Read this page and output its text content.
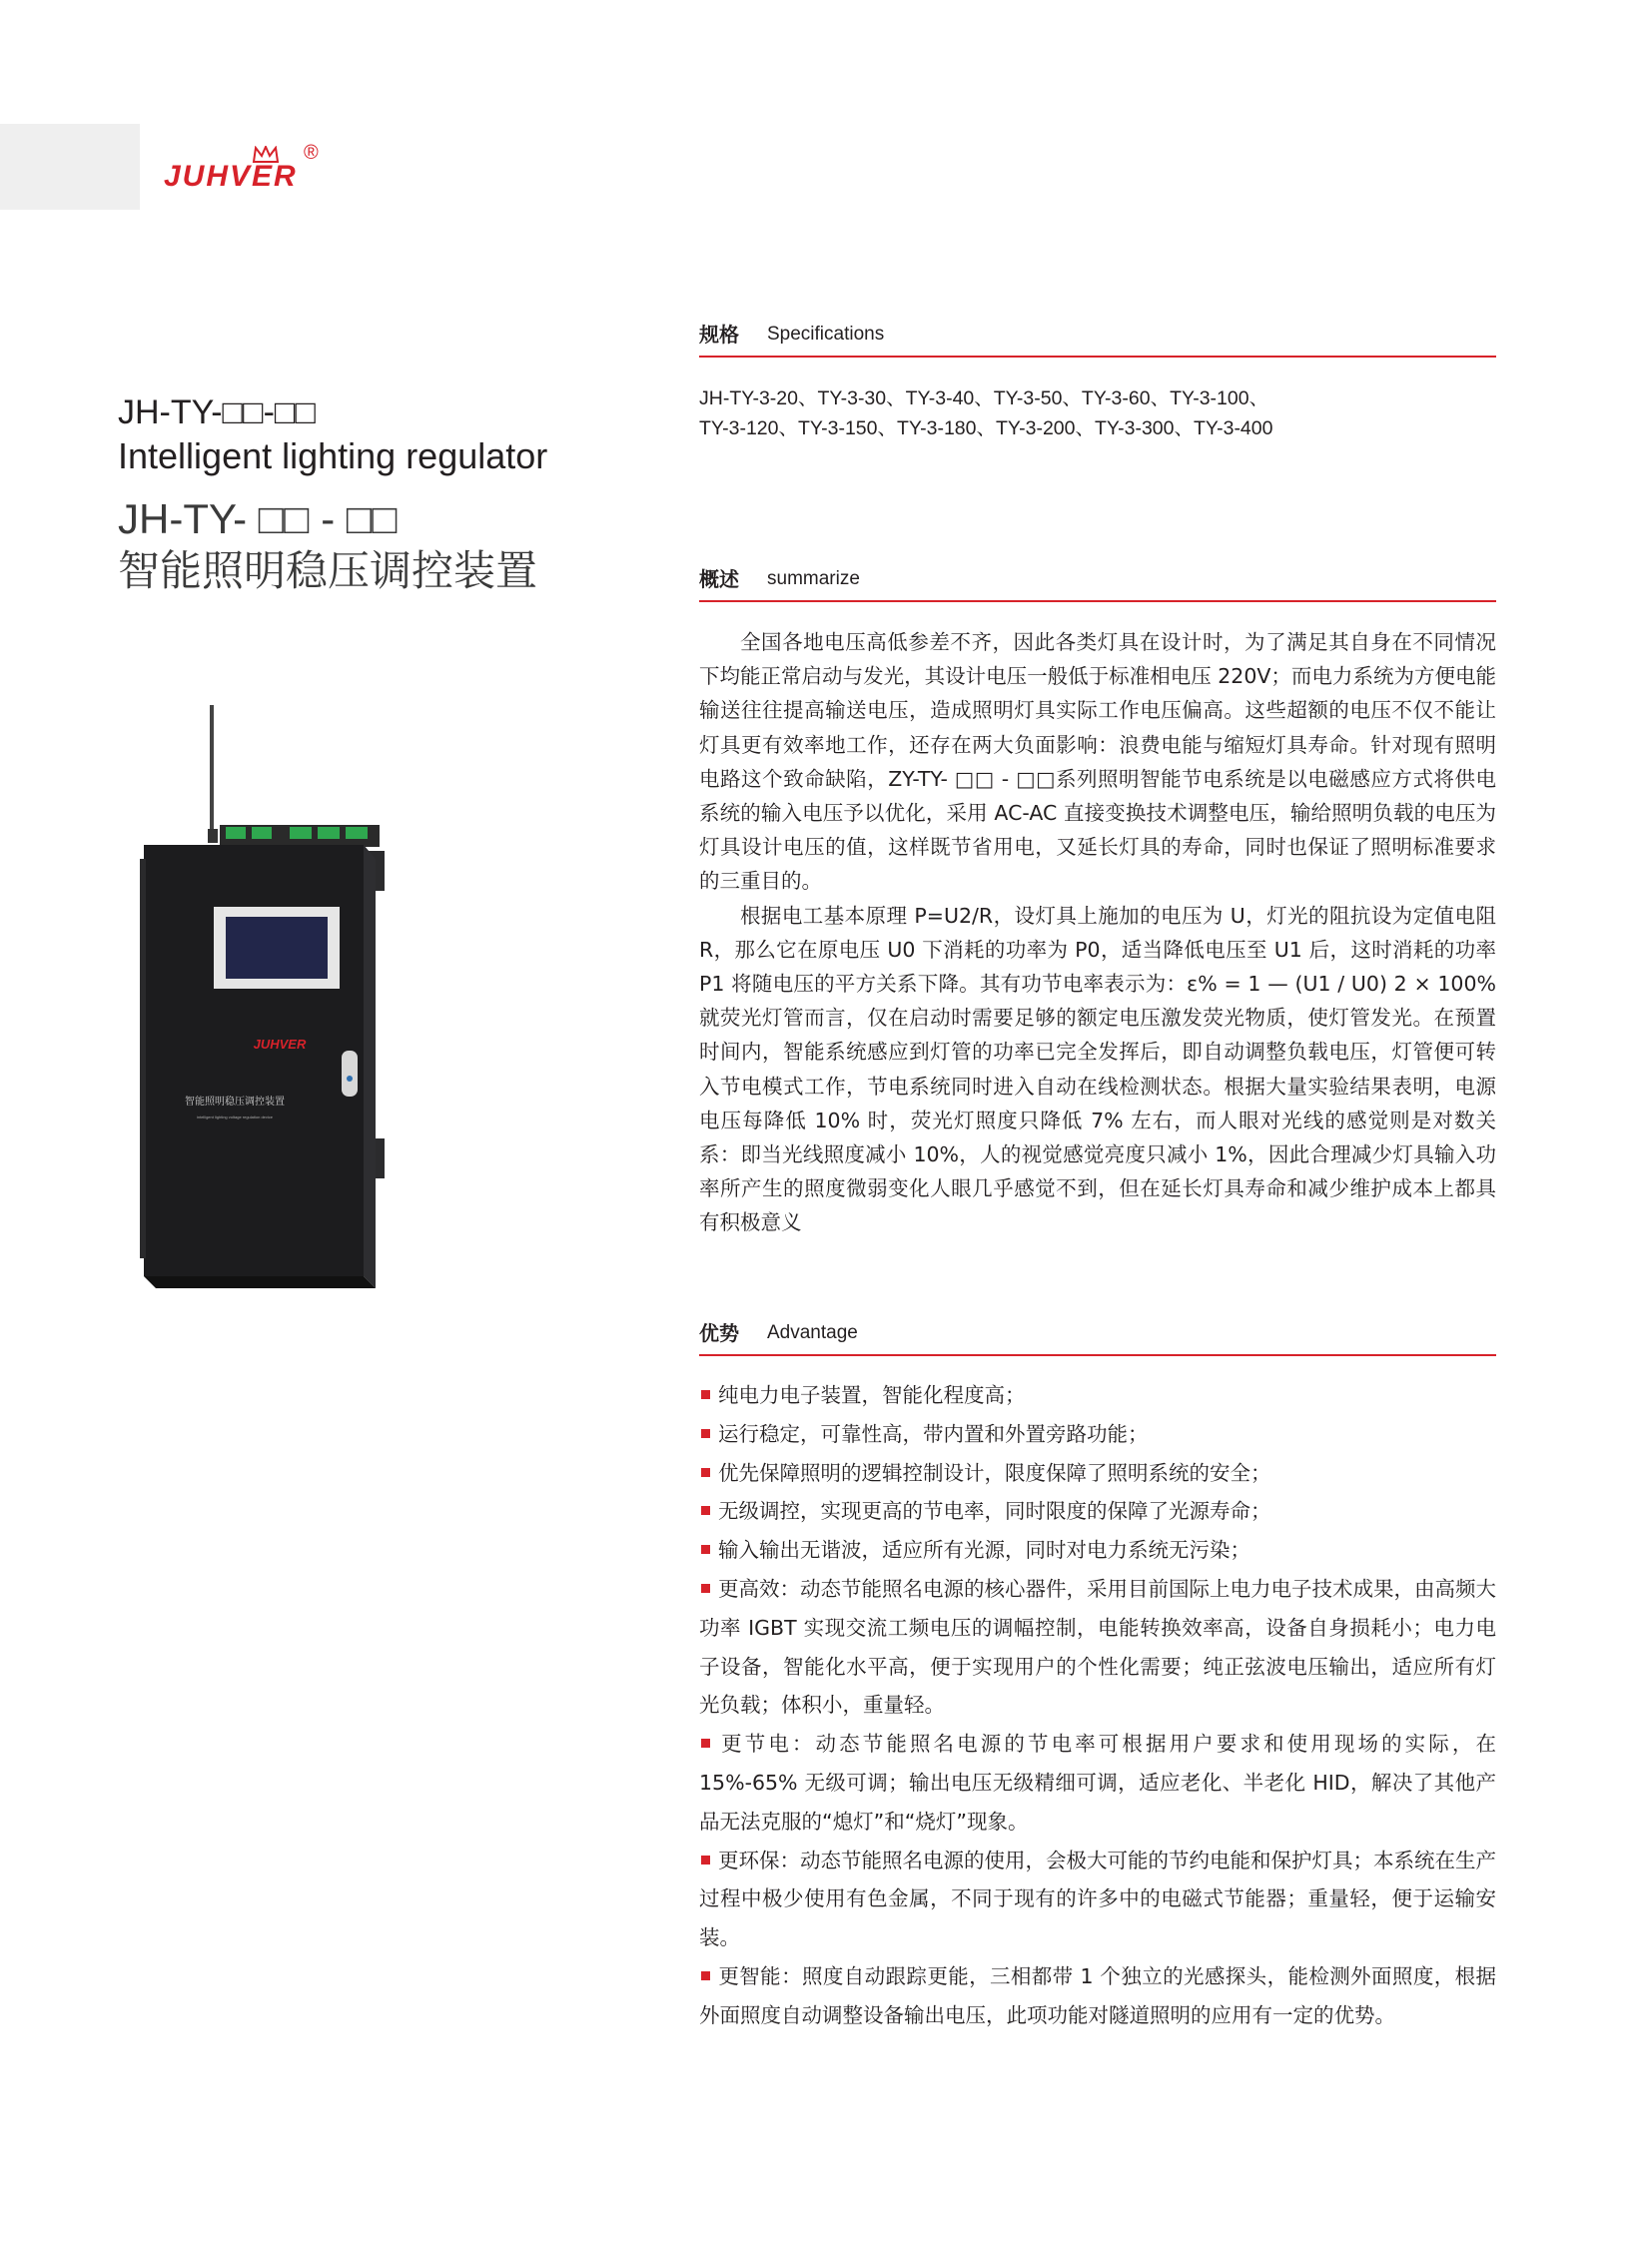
JUHVER
®
JH-TY-□□-□□
Intelligent lighting regulator
JH-TY- □□ - □□
智能照明稳压调控装置
JUHVER
智能照明稳压调控装置
intelligent lighting voltage regulation device
规格 Specifications
JH-TY-3-20、TY-3-30、TY-3-40、TY-3-50、TY-3-60、TY-3-100、
TY-3-120、TY-3-150、TY-3-180、TY-3-200、TY-3-300、TY-3-400
概述 summarize

全国各地电压高低参差不齐，因此各类灯具在设计时，为了满足其自身在不同情况下均能正常启动与发光，其设计电压一般低于标准相电压 220V；而电力系统为方便电能输送往往提高输送电压，造成照明灯具实际工作电压偏高。这些超额的电压不仅不能让灯具更有效率地工作，还存在两大负面影响：浪费电能与缩短灯具寿命。针对现有照明电路这个致命缺陷，ZY-TY- □□ - □□系列照明智能节电系统是以电磁感应方式将供电系统的输入电压予以优化，采用 AC-AC 直接变换技术调整电压，输给照明负载的电压为灯具设计电压的值，这样既节省用电，又延长灯具的寿命，同时也保证了照明标准要求的三重目的。

根据电工基本原理 P=U2/R，设灯具上施加的电压为 U，灯光的阻抗设为定值电阻 R，那么它在原电压 U0 下消耗的功率为 P0，适当降低电压至 U1 后，这时消耗的功率 P1 将随电压的平方关系下降。其有功节电率表示为：ε% = 1 — (U1 / U0) 2 × 100% 就荧光灯管而言，仅在启动时需要足够的额定电压激发荧光物质，使灯管发光。在预置时间内，智能系统感应到灯管的功率已完全发挥后，即自动调整负载电压，灯管便可转入节电模式工作，节电系统同时进入自动在线检测状态。根据大量实验结果表明，电源电压每降低 10% 时，荧光灯照度只降低 7% 左右，而人眼对光线的感觉则是对数关系：即当光线照度减小 10%，人的视觉感觉亮度只减小 1%，因此合理减少灯具输入功率所产生的照度微弱变化人眼几乎感觉不到，但在延长灯具寿命和减少维护成本上都具有积极意义

优势 Advantage

纯电力电子装置，智能化程度高；

运行稳定，可靠性高，带内置和外置旁路功能；

优先保障照明的逻辑控制设计，限度保障了照明系统的安全；

无级调控，实现更高的节电率，同时限度的保障了光源寿命；

输入输出无谐波，适应所有光源，同时对电力系统无污染；

更高效：动态节能照名电源的核心器件，采用目前国际上电力电子技术成果，由高频大功率 IGBT 实现交流工频电压的调幅控制，电能转换效率高，设备自身损耗小；电力电子设备，智能化水平高，便于实现用户的个性化需要；纯正弦波电压输出，适应所有灯光负载；体积小，重量轻。

更节电：动态节能照名电源的节电率可根据用户要求和使用现场的实际，在 15%-65% 无级可调；输出电压无级精细可调，适应老化、半老化 HID，解决了其他产品无法克服的“熄灯”和“烧灯”现象。

更环保：动态节能照名电源的使用，会极大可能的节约电能和保护灯具；本系统在生产过程中极少使用有色金属，不同于现有的许多中的电磁式节能器；重量轻，便于运输安装。

更智能：照度自动跟踪更能，三相都带 1 个独立的光感探头，能检测外面照度，根据外面照度自动调整设备输出电压，此项功能对隧道照明的应用有一定的优势。
